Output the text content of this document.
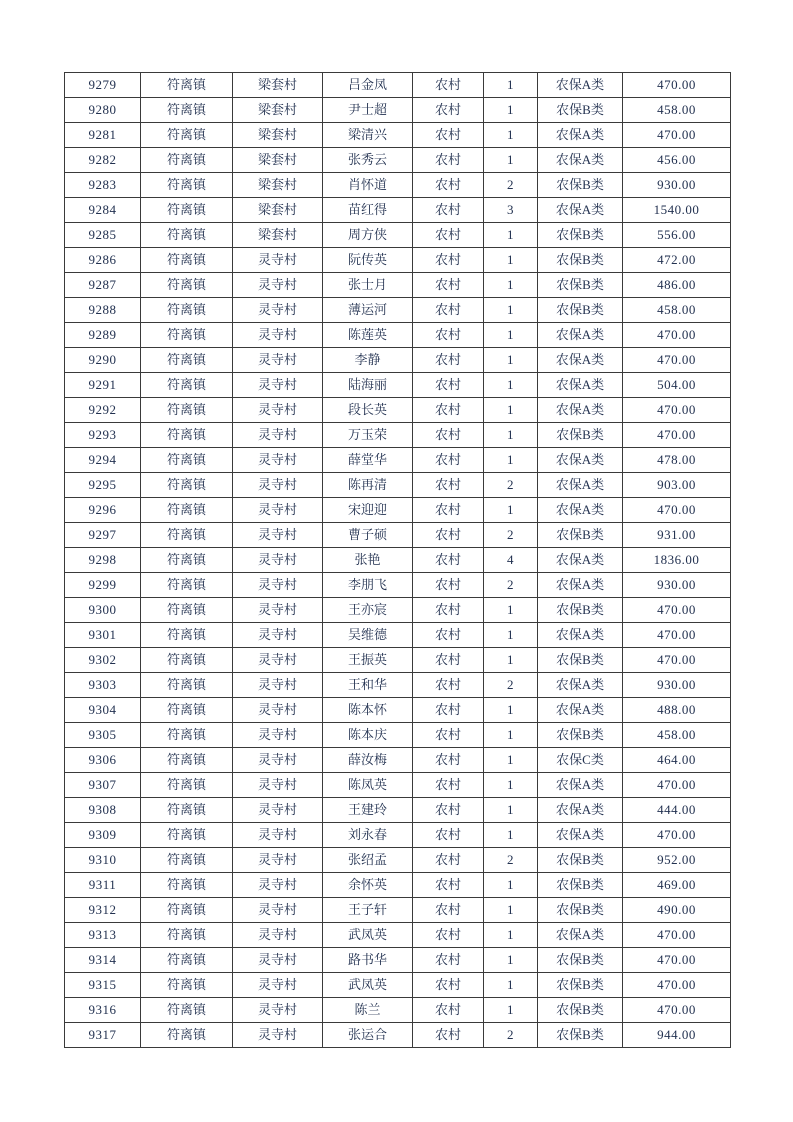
9279	符离镇	梁套村	吕金凤	农村	1	农保A类	470.00
9280	符离镇	梁套村	尹士超	农村	1	农保B类	458.00
9281	符离镇	梁套村	梁清兴	农村	1	农保A类	470.00
9282	符离镇	梁套村	张秀云	农村	1	农保A类	456.00
9283	符离镇	梁套村	肖怀道	农村	2	农保B类	930.00
9284	符离镇	梁套村	苗红得	农村	3	农保A类	1540.00
9285	符离镇	梁套村	周方侠	农村	1	农保B类	556.00
9286	符离镇	灵寺村	阮传英	农村	1	农保B类	472.00
9287	符离镇	灵寺村	张士月	农村	1	农保B类	486.00
9288	符离镇	灵寺村	薄运河	农村	1	农保B类	458.00
9289	符离镇	灵寺村	陈莲英	农村	1	农保A类	470.00
9290	符离镇	灵寺村	李静	农村	1	农保A类	470.00
9291	符离镇	灵寺村	陆海丽	农村	1	农保A类	504.00
9292	符离镇	灵寺村	段长英	农村	1	农保A类	470.00
9293	符离镇	灵寺村	万玉荣	农村	1	农保B类	470.00
9294	符离镇	灵寺村	薛堂华	农村	1	农保A类	478.00
9295	符离镇	灵寺村	陈再清	农村	2	农保A类	903.00
9296	符离镇	灵寺村	宋迎迎	农村	1	农保A类	470.00
9297	符离镇	灵寺村	曹子硕	农村	2	农保B类	931.00
9298	符离镇	灵寺村	张艳	农村	4	农保A类	1836.00
9299	符离镇	灵寺村	李朋飞	农村	2	农保A类	930.00
9300	符离镇	灵寺村	王亦宸	农村	1	农保B类	470.00
9301	符离镇	灵寺村	吴维德	农村	1	农保A类	470.00
9302	符离镇	灵寺村	王振英	农村	1	农保B类	470.00
9303	符离镇	灵寺村	王和华	农村	2	农保A类	930.00
9304	符离镇	灵寺村	陈本怀	农村	1	农保A类	488.00
9305	符离镇	灵寺村	陈本庆	农村	1	农保B类	458.00
9306	符离镇	灵寺村	薛汝梅	农村	1	农保C类	464.00
9307	符离镇	灵寺村	陈凤英	农村	1	农保A类	470.00
9308	符离镇	灵寺村	王建玲	农村	1	农保A类	444.00
9309	符离镇	灵寺村	刘永春	农村	1	农保A类	470.00
9310	符离镇	灵寺村	张绍孟	农村	2	农保B类	952.00
9311	符离镇	灵寺村	余怀英	农村	1	农保B类	469.00
9312	符离镇	灵寺村	王子轩	农村	1	农保B类	490.00
9313	符离镇	灵寺村	武凤英	农村	1	农保A类	470.00
9314	符离镇	灵寺村	路书华	农村	1	农保B类	470.00
9315	符离镇	灵寺村	武凤英	农村	1	农保B类	470.00
9316	符离镇	灵寺村	陈兰	农村	1	农保B类	470.00
9317	符离镇	灵寺村	张运合	农村	2	农保B类	944.00
